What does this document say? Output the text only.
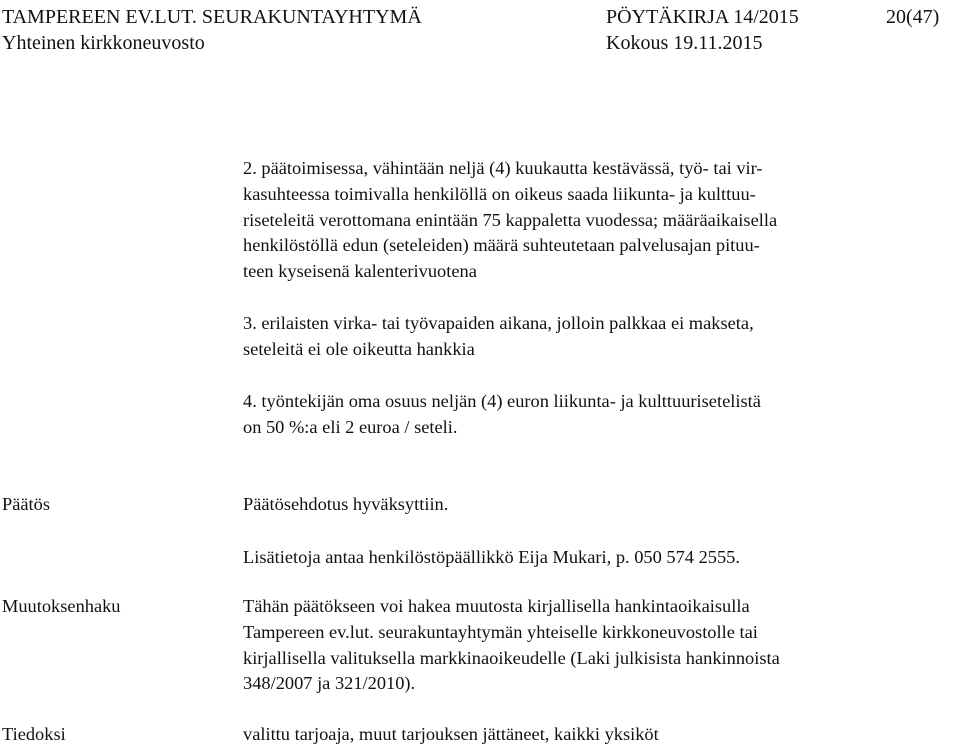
TAMPEREEN EV.LUT. SEURAKUNTAYHTYMÄ	PÖYTÄKIRJA 14/2015	20(47)
Yhteinen kirkkoneuvosto	Kokous 19.11.2015
2. päätoimisessa, vähintään neljä (4) kuukautta kestävässä, työ- tai vir-
kasuhteessa toimivalla henkilöllä on oikeus saada liikunta- ja kulttuu-
riseteleitä verottomana enintään 75 kappaletta vuodessa; määräaikaisella
henkilöstöllä edun (seteleiden) määrä suhteutetaan palvelusajan pituu-
teen kyseisenä kalenterivuotena
3. erilaisten virka- tai työvapaiden aikana, jolloin palkkaa ei makseta,
seteleitä ei ole oikeutta hankkia
4. työntekijän oma osuus neljän (4) euron liikunta- ja kulttuurisetelistä
on 50 %:a eli 2 euroa / seteli.
Päätös	Päätösehdotus hyväksyttiin.
Lisätietoja antaa henkilöstöpäällikkö Eija Mukari, p. 050 574 2555.
Muutoksenhaku	Tähän päätökseen voi hakea muutosta kirjallisella hankintaoikaisulla
Tampereen ev.lut. seurakuntayhtymän yhteiselle kirkkoneuvostolle tai
kirjallisella valituksella markkinaoikeudelle (Laki julkisista hankinnoista
348/2007 ja 321/2010).
Tiedoksi	valittu tarjoaja, muut tarjouksen jättäneet, kaikki yksiköt
